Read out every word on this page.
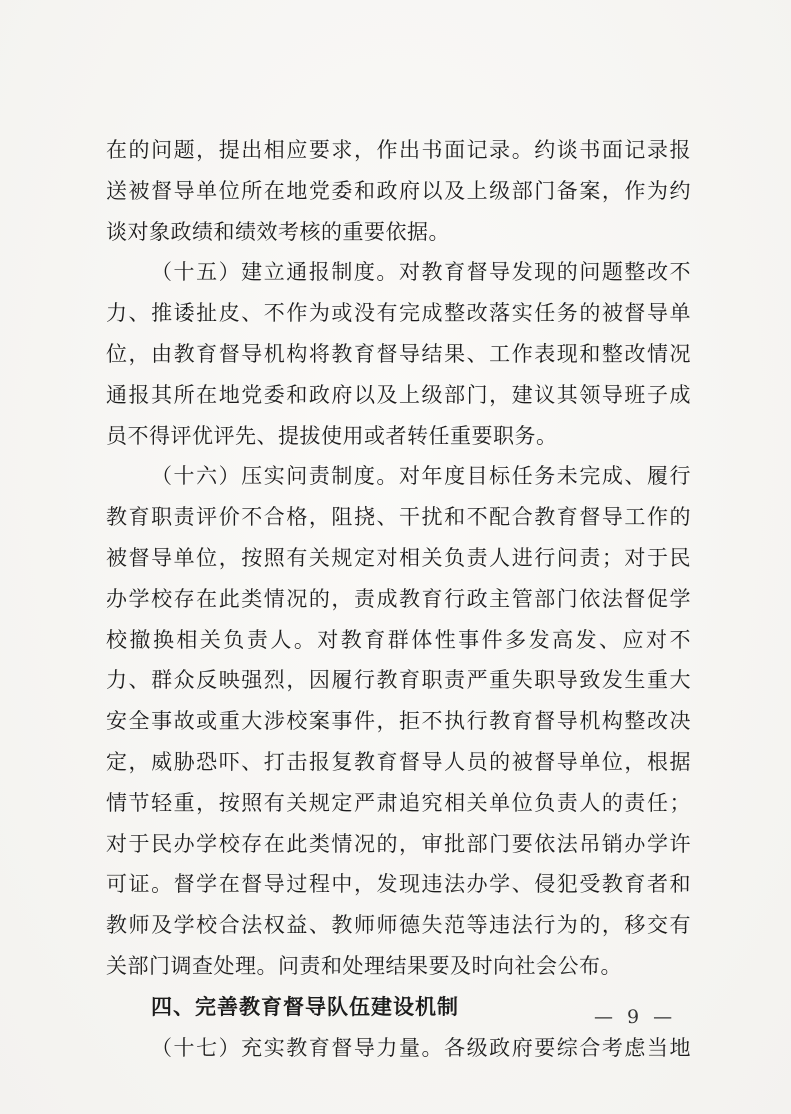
在的问题，提出相应要求，作出书面记录。约谈书面记录报
送被督导单位所在地党委和政府以及上级部门备案，作为约
谈对象政绩和绩效考核的重要依据。
（十五）建立通报制度。对教育督导发现的问题整改不
力、推诿扯皮、不作为或没有完成整改落实任务的被督导单
位，由教育督导机构将教育督导结果、工作表现和整改情况
通报其所在地党委和政府以及上级部门，建议其领导班子成
员不得评优评先、提拔使用或者转任重要职务。
（十六）压实问责制度。对年度目标任务未完成、履行
教育职责评价不合格，阻挠、干扰和不配合教育督导工作的
被督导单位，按照有关规定对相关负责人进行问责；对于民
办学校存在此类情况的，责成教育行政主管部门依法督促学
校撤换相关负责人。对教育群体性事件多发高发、应对不
力、群众反映强烈，因履行教育职责严重失职导致发生重大
安全事故或重大涉校案事件，拒不执行教育督导机构整改决
定，威胁恐吓、打击报复教育督导人员的被督导单位，根据
情节轻重，按照有关规定严肃追究相关单位负责人的责任；
对于民办学校存在此类情况的，审批部门要依法吊销办学许
可证。督学在督导过程中，发现违法办学、侵犯受教育者和
教师及学校合法权益、教师师德失范等违法行为的，移交有
关部门调查处理。问责和处理结果要及时向社会公布。
四、完善教育督导队伍建设机制
（十七）充实教育督导力量。各级政府要综合考虑当地
— 9 —
